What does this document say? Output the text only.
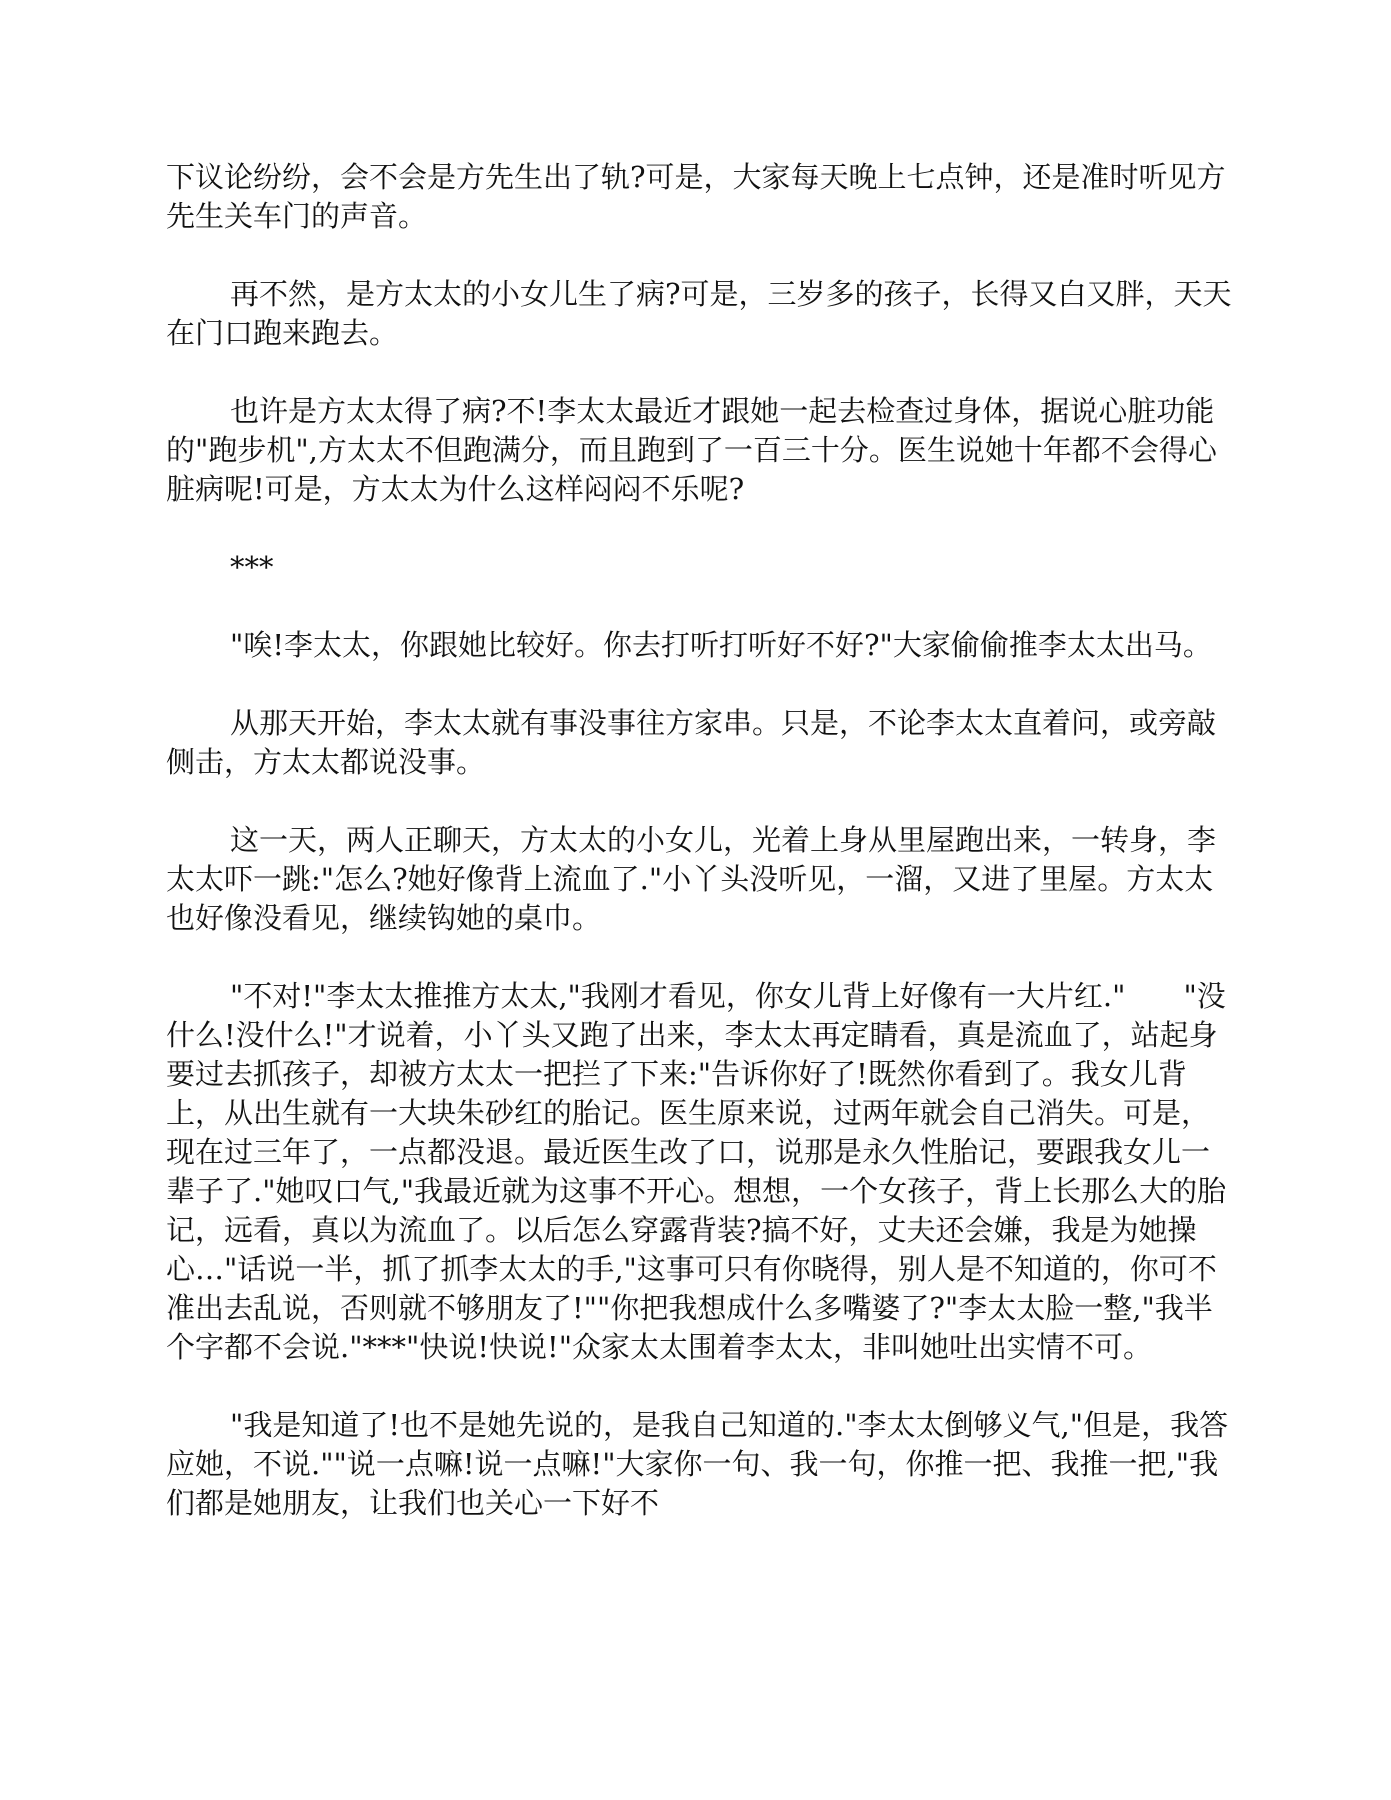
下议论纷纷，会不会是方先生出了轨?可是，大家每天晚上七点钟，还是准时听见方先生关车门的声音。

再不然，是方太太的小女儿生了病?可是，三岁多的孩子，长得又白又胖，天天在门口跑来跑去。

也许是方太太得了病?不!李太太最近才跟她一起去检查过身体，据说心脏功能的"跑步机",方太太不但跑满分，而且跑到了一百三十分。医生说她十年都不会得心脏病呢!可是，方太太为什么这样闷闷不乐呢?

***

"唉!李太太，你跟她比较好。你去打听打听好不好?"大家偷偷推李太太出马。

从那天开始，李太太就有事没事往方家串。只是，不论李太太直着问，或旁敲侧击，方太太都说没事。

这一天，两人正聊天，方太太的小女儿，光着上身从里屋跑出来，一转身，李太太吓一跳:"怎么?她好像背上流血了."小丫头没听见，一溜，又进了里屋。方太太也好像没看见，继续钩她的桌巾。

"不对!"李太太推推方太太,"我刚才看见，你女儿背上好像有一大片红."　　"没什么!没什么!"才说着，小丫头又跑了出来，李太太再定睛看，真是流血了，站起身要过去抓孩子，却被方太太一把拦了下来:"告诉你好了!既然你看到了。我女儿背上，从出生就有一大块朱砂红的胎记。医生原来说，过两年就会自己消失。可是，现在过三年了，一点都没退。最近医生改了口，说那是永久性胎记，要跟我女儿一辈子了."她叹口气,"我最近就为这事不开心。想想，一个女孩子，背上长那么大的胎记，远看，真以为流血了。以后怎么穿露背装?搞不好，丈夫还会嫌，我是为她操心…"话说一半，抓了抓李太太的手,"这事可只有你晓得，别人是不知道的，你可不准出去乱说，否则就不够朋友了!""你把我想成什么多嘴婆了?"李太太脸一整,"我半个字都不会说."***"快说!快说!"众家太太围着李太太，非叫她吐出实情不可。

"我是知道了!也不是她先说的，是我自己知道的."李太太倒够义气,"但是，我答应她，不说.""说一点嘛!说一点嘛!"大家你一句、我一句，你推一把、我推一把,"我们都是她朋友，让我们也关心一下好不
